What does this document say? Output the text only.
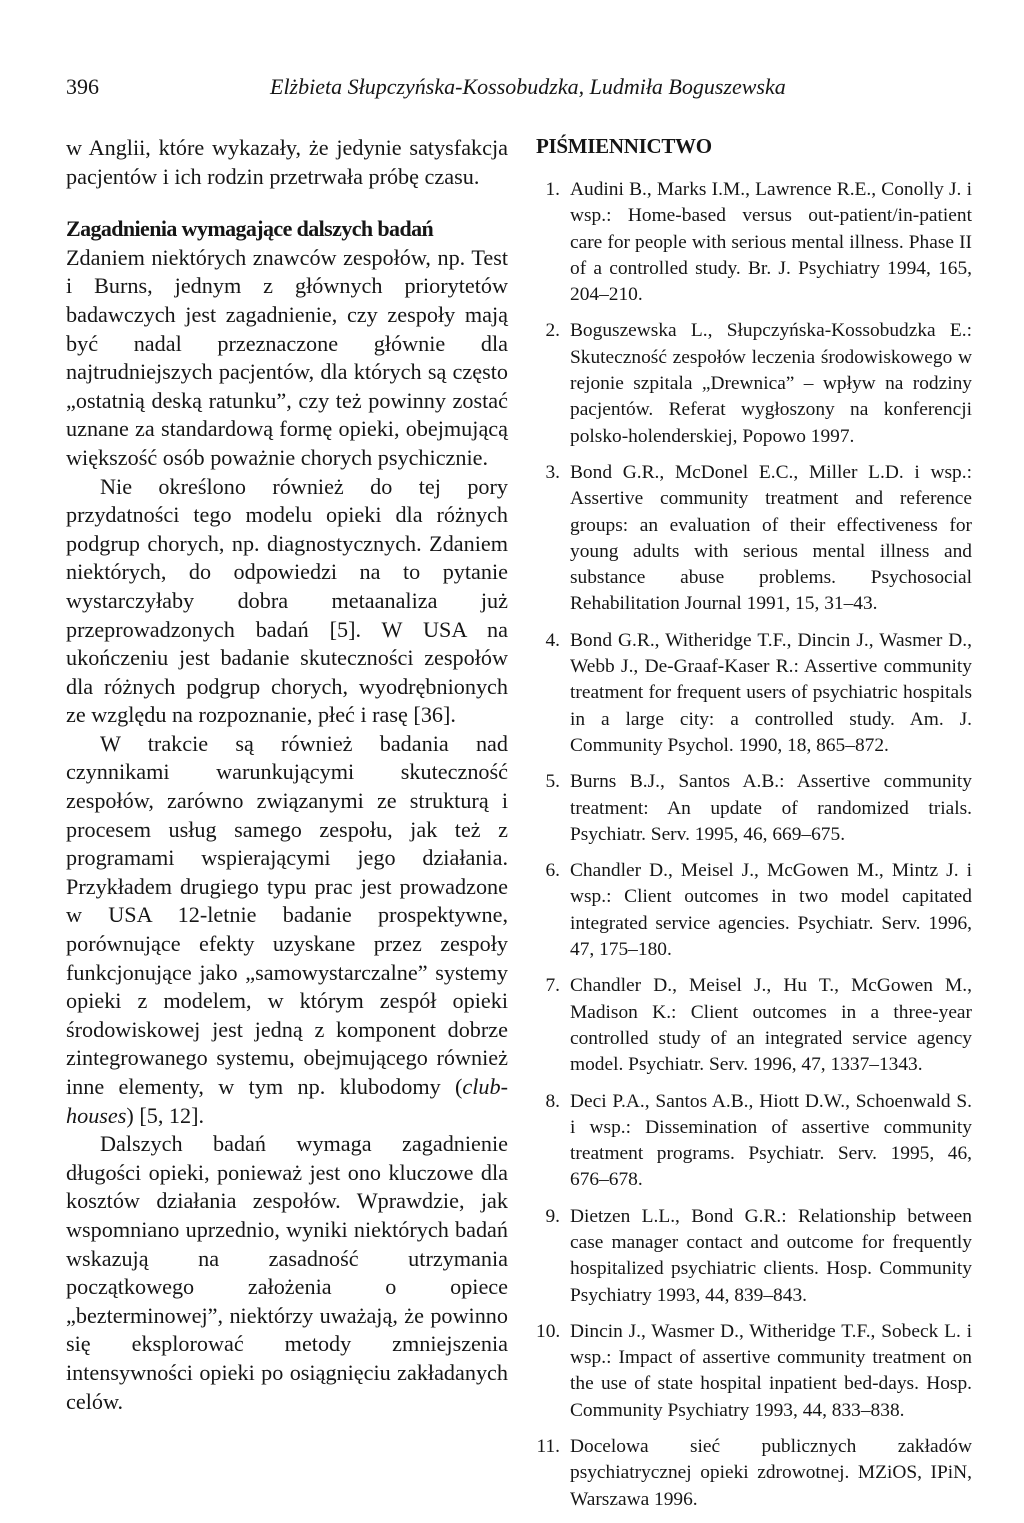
396	Elżbieta Słupczyńska-Kossobudzka, Ludmiła Boguszewska

w Anglii, które wykazały, że jedynie satysfakcja pacjentów i ich rodzin przetrwała próbę czasu.

Zagadnienia wymagające dalszych badań

Zdaniem niektórych znawców zespołów, np. Test i Burns, jednym z głównych priorytetów badawczych jest zagadnienie, czy zespoły mają być nadal przeznaczone głównie dla najtrudniejszych pacjentów, dla których są często „ostatnią deską ratunku”, czy też powinny zostać uznane za standardową formę opieki, obejmującą większość osób poważnie chorych psychicznie.

Nie określono również do tej pory przydatności tego modelu opieki dla różnych podgrup chorych, np. diagnostycznych. Zdaniem niektórych, do odpowiedzi na to pytanie wystarczyłaby dobra metaanaliza już przeprowadzonych badań [5]. W USA na ukończeniu jest badanie skuteczności zespołów dla różnych podgrup chorych, wyodrębnionych ze względu na rozpoznanie, płeć i rasę [36].

W trakcie są również badania nad czynnikami warunkującymi skuteczność zespołów, zarówno związanymi ze strukturą i procesem usług samego zespołu, jak też z programami wspierającymi jego działania. Przykładem drugiego typu prac jest prowadzone w USA 12-letnie badanie prospektywne, porównujące efekty uzyskane przez zespoły funkcjonujące jako „samowystarczalne” systemy opieki z modelem, w którym zespół opieki środowiskowej jest jedną z komponent dobrze zintegrowanego systemu, obejmującego również inne elementy, w tym np. klubodomy (club-houses) [5, 12].

Dalszych badań wymaga zagadnienie długości opieki, ponieważ jest ono kluczowe dla kosztów działania zespołów. Wprawdzie, jak wspomniano uprzednio, wyniki niektórych badań wskazują na zasadność utrzymania początkowego założenia o opiece „bezterminowej”, niektórzy uważają, że powinno się eksplorować metody zmniejszenia intensywności opieki po osiągnięciu zakładanych celów.

PIŚMIENNICTWO
1. Audini B., Marks I.M., Lawrence R.E., Conolly J. i wsp.: Home-based versus out-patient/in-patient care for people with serious mental illness. Phase II of a controlled study. Br. J. Psychiatry 1994, 165, 204–210.
2. Boguszewska L., Słupczyńska-Kossobudzka E.: Skuteczność zespołów leczenia środowiskowego w rejonie szpitala „Drewnica” – wpływ na rodziny pacjentów. Referat wygłoszony na konferencji polsko-holenderskiej, Popowo 1997.
3. Bond G.R., McDonel E.C., Miller L.D. i wsp.: Assertive community treatment and reference groups: an evaluation of their effectiveness for young adults with serious mental illness and substance abuse problems. Psychosocial Rehabilitation Journal 1991, 15, 31–43.
4. Bond G.R., Witheridge T.F., Dincin J., Wasmer D., Webb J., De-Graaf-Kaser R.: Assertive community treatment for frequent users of psychiatric hospitals in a large city: a controlled study. Am. J. Community Psychol. 1990, 18, 865–872.
5. Burns B.J., Santos A.B.: Assertive community treatment: An update of randomized trials. Psychiatr. Serv. 1995, 46, 669–675.
6. Chandler D., Meisel J., McGowen M., Mintz J. i wsp.: Client outcomes in two model capitated integrated service agencies. Psychiatr. Serv. 1996, 47, 175–180.
7. Chandler D., Meisel J., Hu T., McGowen M., Madison K.: Client outcomes in a three-year controlled study of an integrated service agency model. Psychiatr. Serv. 1996, 47, 1337–1343.
8. Deci P.A., Santos A.B., Hiott D.W., Schoenwald S. i wsp.: Dissemination of assertive community treatment programs. Psychiatr. Serv. 1995, 46, 676–678.
9. Dietzen L.L., Bond G.R.: Relationship between case manager contact and outcome for frequently hospitalized psychiatric clients. Hosp. Community Psychiatry 1993, 44, 839–843.
10. Dincin J., Wasmer D., Witheridge T.F., Sobeck L. i wsp.: Impact of assertive community treatment on the use of state hospital inpatient bed-days. Hosp. Community Psychiatry 1993, 44, 833–838.
11. Docelowa sieć publicznych zakładów psychiatrycznej opieki zdrowotnej. MZiOS, IPiN, Warszawa 1996.
